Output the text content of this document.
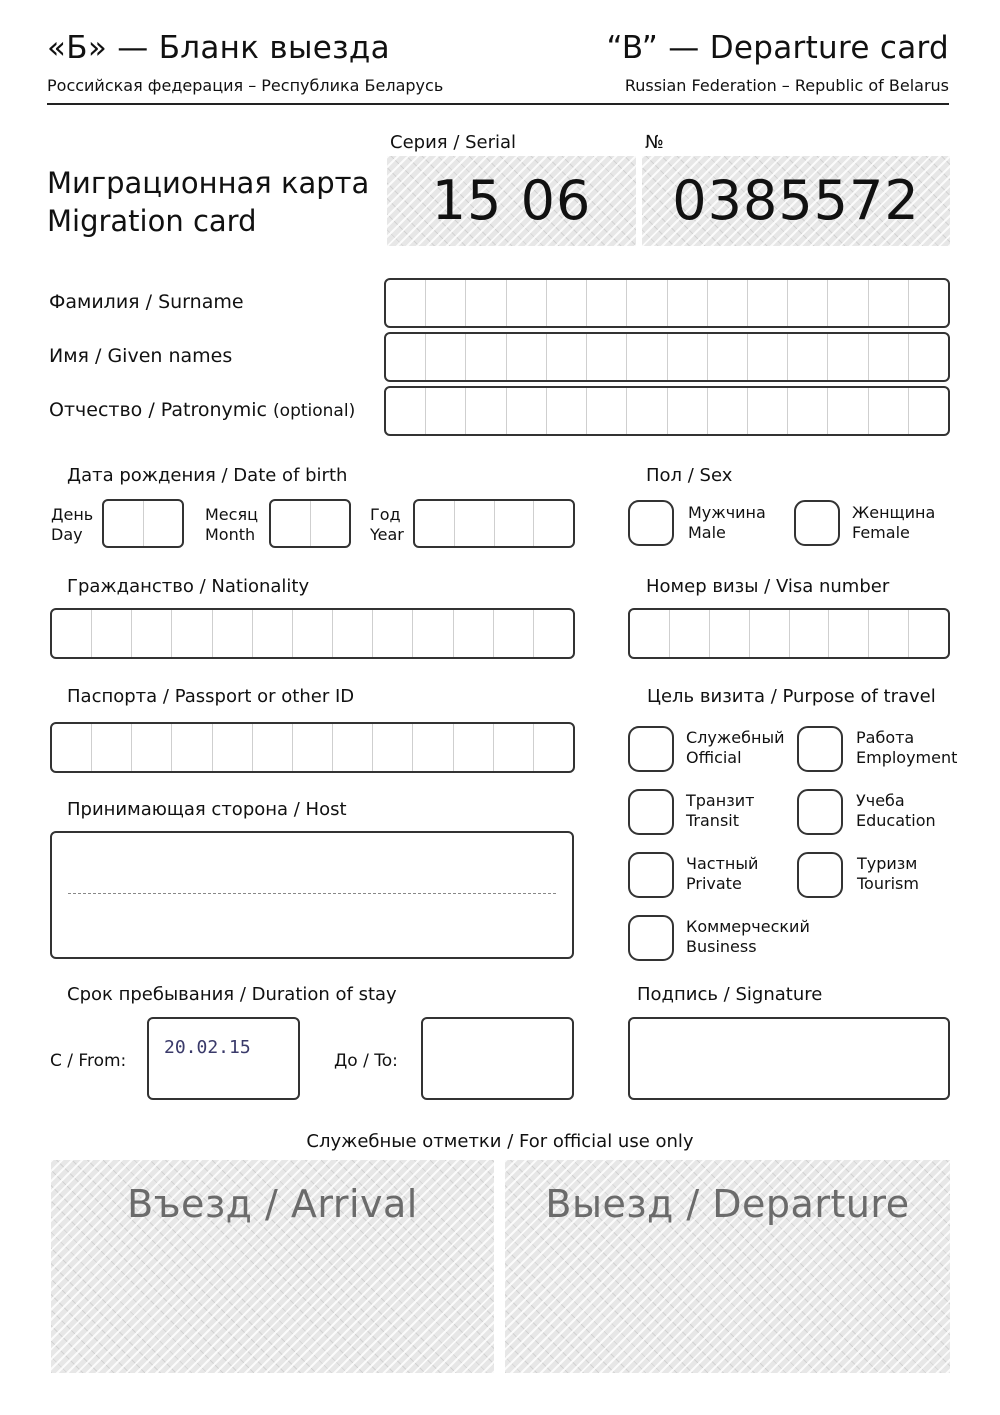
«Б» — Бланк выезда	“B” — Departure card
Российская федерация – Республика Беларусь	Russian Federation – Republic of Belarus
Миграционная карта
Migration card
Серия / Serial	№
15 06	0385572
Фамилия / Surname
Имя / Given names
Отчество / Patronymic (optional)
Дата рождения / Date of birth
День
Day
Месяц
Month
Год
Year
Пол / Sex
Мужчина
Male
Женщина
Female
Гражданство / Nationality	Номер визы / Visa number
Паспорта / Passport or other ID	Цель визита / Purpose of travel
Служебный
Official
Работа
Employment
Транзит
Transit
Учеба
Education
Частный
Private
Туризм
Tourism
Коммерческий
Business
Принимающая сторона / Host
Срок пребывания / Duration of stay
С / From:
20.02.15
До / To:
Подпись / Signature
Служебные отметки / For official use only
Въезд / Arrival	Выезд / Departure
